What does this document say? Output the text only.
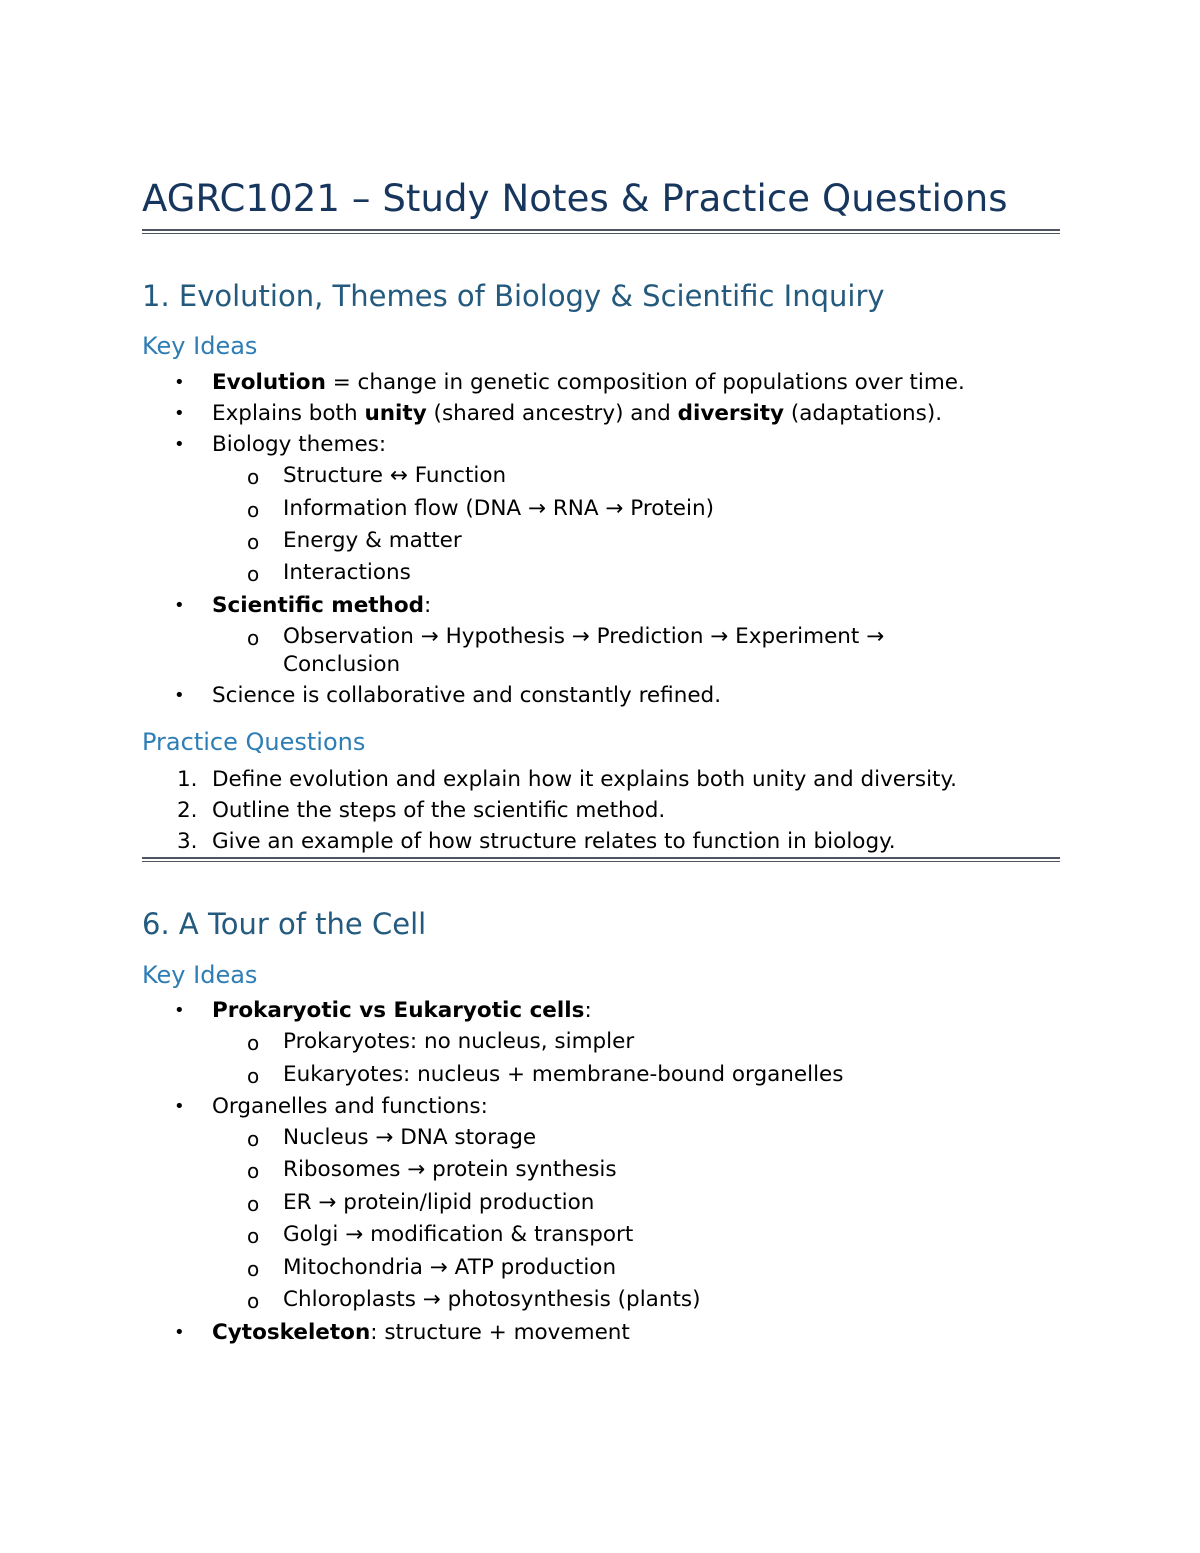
AGRC1021 – Study Notes & Practice Questions
1. Evolution, Themes of Biology & Scientific Inquiry
Key Ideas
• Evolution = change in genetic composition of populations over time.
• Explains both unity (shared ancestry) and diversity (adaptations).
• Biology themes:
o Structure ↔ Function
o Information flow (DNA → RNA → Protein)
o Energy & matter
o Interactions
• Scientific method:
o Observation → Hypothesis → Prediction → Experiment →
Conclusion
• Science is collaborative and constantly refined.
Practice Questions
1. Define evolution and explain how it explains both unity and diversity.
2. Outline the steps of the scientific method.
3. Give an example of how structure relates to function in biology.
6. A Tour of the Cell
Key Ideas
• Prokaryotic vs Eukaryotic cells:
o Prokaryotes: no nucleus, simpler
o Eukaryotes: nucleus + membrane-bound organelles
• Organelles and functions:
o Nucleus → DNA storage
o Ribosomes → protein synthesis
o ER → protein/lipid production
o Golgi → modification & transport
o Mitochondria → ATP production
o Chloroplasts → photosynthesis (plants)
• Cytoskeleton: structure + movement
